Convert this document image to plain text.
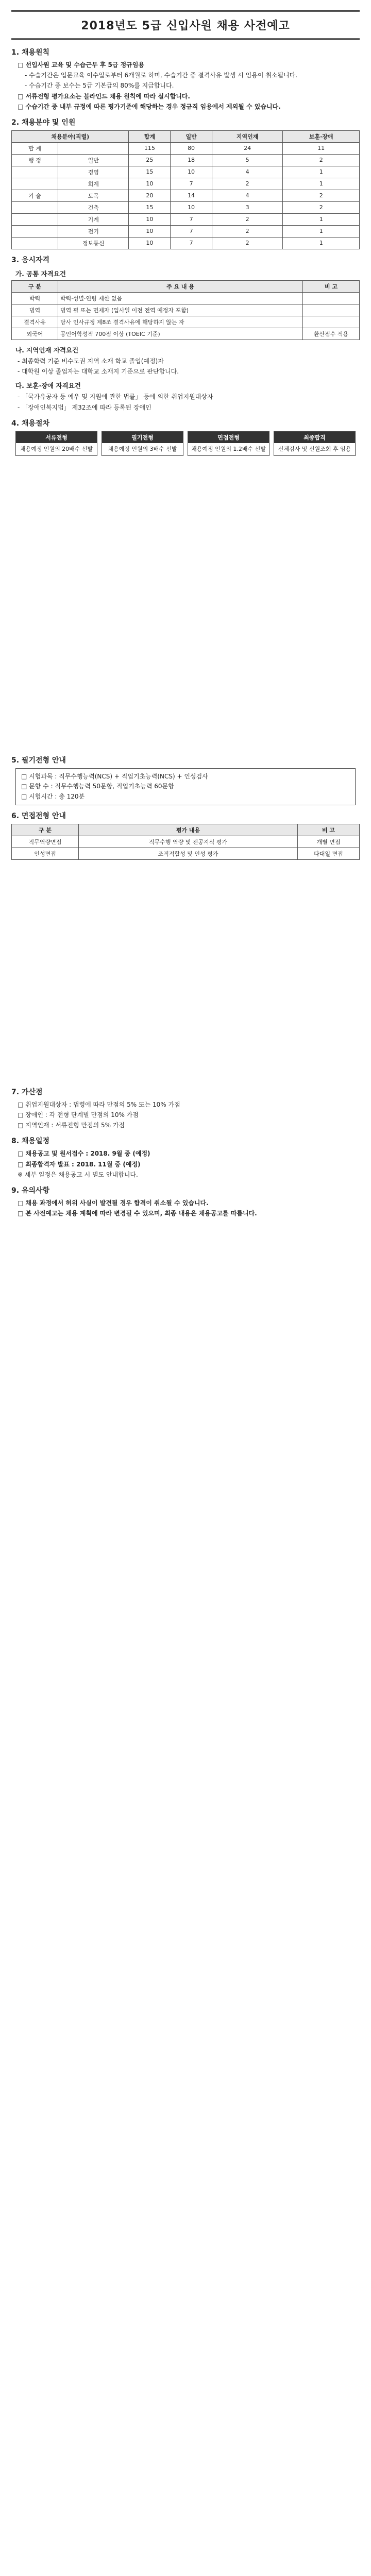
2018년도 5급 신입사원 채용 사전예고
1. 채용원칙
□ 선입사원 교육 및 수습근무 후 5급 정규임용
- 수습기간은 입문교육 이수일로부터 6개월로 하며, 수습기간 중 결격사유 발생 시 임용이 취소됩니다.
- 수습기간 중 보수는 5급 기본급의 80%를 지급합니다.
□ 서류전형 평가요소는 블라인드 채용 원칙에 따라 실시합니다.
□ 수습기간 중 내부 규정에 따른 평가기준에 해당하는 경우 정규직 임용에서 제외될 수 있습니다.
2. 채용분야 및 인원
채용분야(직렬)		합계	일반	지역인재	보훈·장애
합 계		115	80	24	11
행 정	일반	25	18	5	2
	경영	15	10	4	1
	회계	10	7	2	1
기 술	토목	20	14	4	2
	건축	15	10	3	2
	기계	10	7	2	1
	전기	10	7	2	1
	정보통신	10	7	2	1
3. 응시자격
가. 공통 자격요건
구 분	주 요 내 용	비 고
학력	학력·성별·연령 제한 없음	
병역	병역 필 또는 면제자 (입사일 이전 전역 예정자 포함)	
결격사유	당사 인사규정 제8조 결격사유에 해당하지 않는 자	
외국어	공인어학성적 700점 이상 (TOEIC 기준)	환산점수 적용
나. 지역인재 자격요건
- 최종학력 기준 비수도권 지역 소재 학교 졸업(예정)자
- 대학원 이상 졸업자는 대학교 소재지 기준으로 판단합니다.
다. 보훈·장애 자격요건
- 「국가유공자 등 예우 및 지원에 관한 법률」 등에 의한 취업지원대상자
- 「장애인복지법」 제32조에 따라 등록된 장애인
4. 채용절차
서류전형
채용예정 인원의 20배수 선발
필기전형
채용예정 인원의 3배수 선발
면접전형
채용예정 인원의 1.2배수 선발
최종합격
신체검사 및 신원조회 후 임용
5. 필기전형 안내
□ 시험과목 : 직무수행능력(NCS) + 직업기초능력(NCS) + 인성검사
□ 문항 수 : 직무수행능력 50문항, 직업기초능력 60문항
□ 시험시간 : 총 120분
6. 면접전형 안내
구 분	평가 내용	비 고
직무역량면접	직무수행 역량 및 전공지식 평가	개별 면접
인성면접	조직적합성 및 인성 평가	다대일 면접
7. 가산점
□ 취업지원대상자 : 법령에 따라 만점의 5% 또는 10% 가점
□ 장애인 : 각 전형 단계별 만점의 10% 가점
□ 지역인재 : 서류전형 만점의 5% 가점
8. 채용일정
□ 채용공고 및 원서접수 : 2018. 9월 중 (예정)
□ 최종합격자 발표 : 2018. 11월 중 (예정)
※ 세부 일정은 채용공고 시 별도 안내합니다.
9. 유의사항
□ 채용 과정에서 허위 사실이 발견될 경우 합격이 취소될 수 있습니다.
□ 본 사전예고는 채용 계획에 따라 변경될 수 있으며, 최종 내용은 채용공고를 따릅니다.
